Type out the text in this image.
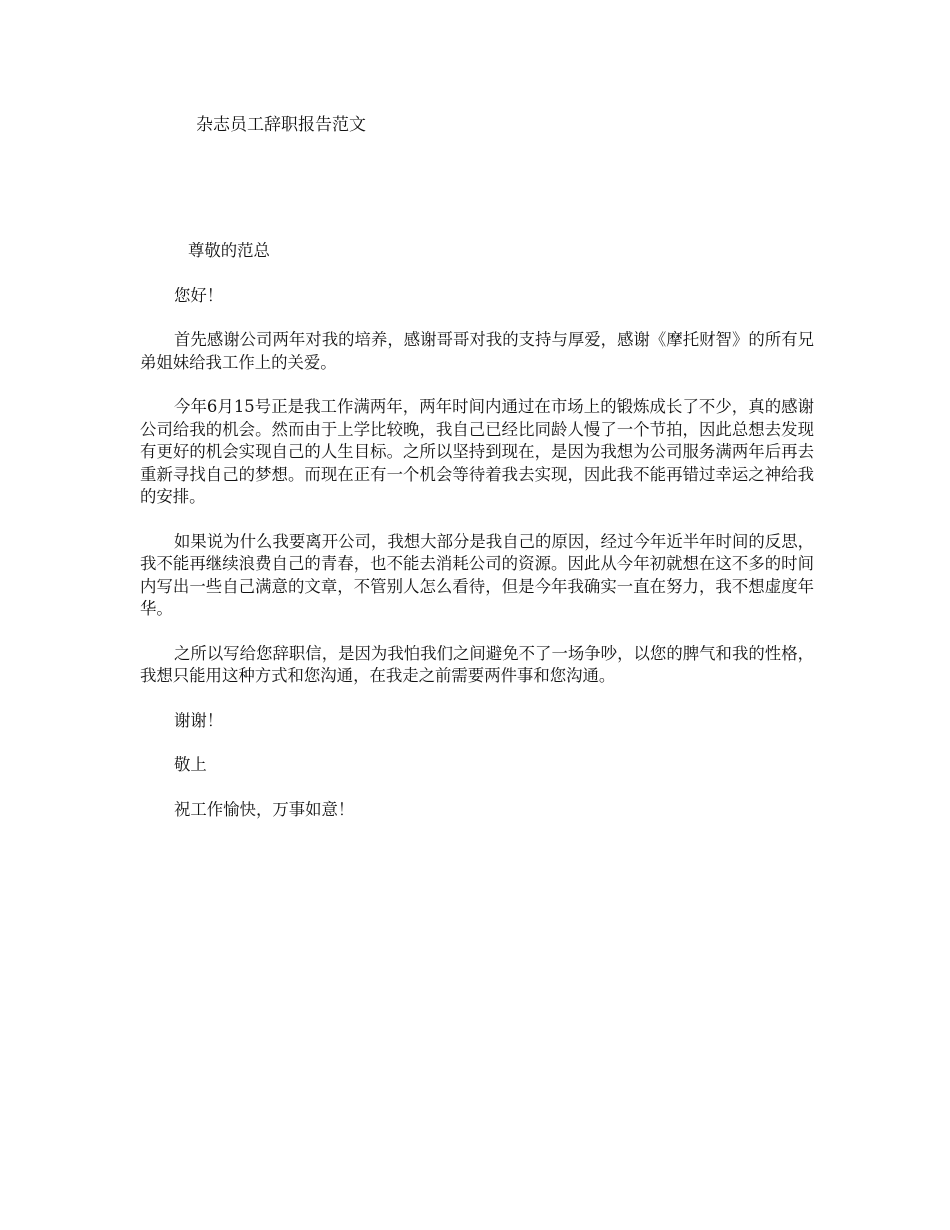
杂志员工辞职报告范文

尊敬的范总

您好！

首先感谢公司两年对我的培养，感谢哥哥对我的支持与厚爱，感谢《摩托财智》的所有兄弟姐妹给我工作上的关爱。

今年6月15号正是我工作满两年，两年时间内通过在市场上的锻炼成长了不少，真的感谢公司给我的机会。然而由于上学比较晚，我自己已经比同龄人慢了一个节拍，因此总想去发现有更好的机会实现自己的人生目标。之所以坚持到现在，是因为我想为公司服务满两年后再去重新寻找自己的梦想。而现在正有一个机会等待着我去实现，因此我不能再错过幸运之神给我的安排。

如果说为什么我要离开公司，我想大部分是我自己的原因，经过今年近半年时间的反思，我不能再继续浪费自己的青春，也不能去消耗公司的资源。因此从今年初就想在这不多的时间内写出一些自己满意的文章，不管别人怎么看待，但是今年我确实一直在努力，我不想虚度年华。

之所以写给您辞职信，是因为我怕我们之间避免不了一场争吵，以您的脾气和我的性格，我想只能用这种方式和您沟通，在我走之前需要两件事和您沟通。

谢谢！

敬上

祝工作愉快，万事如意！
